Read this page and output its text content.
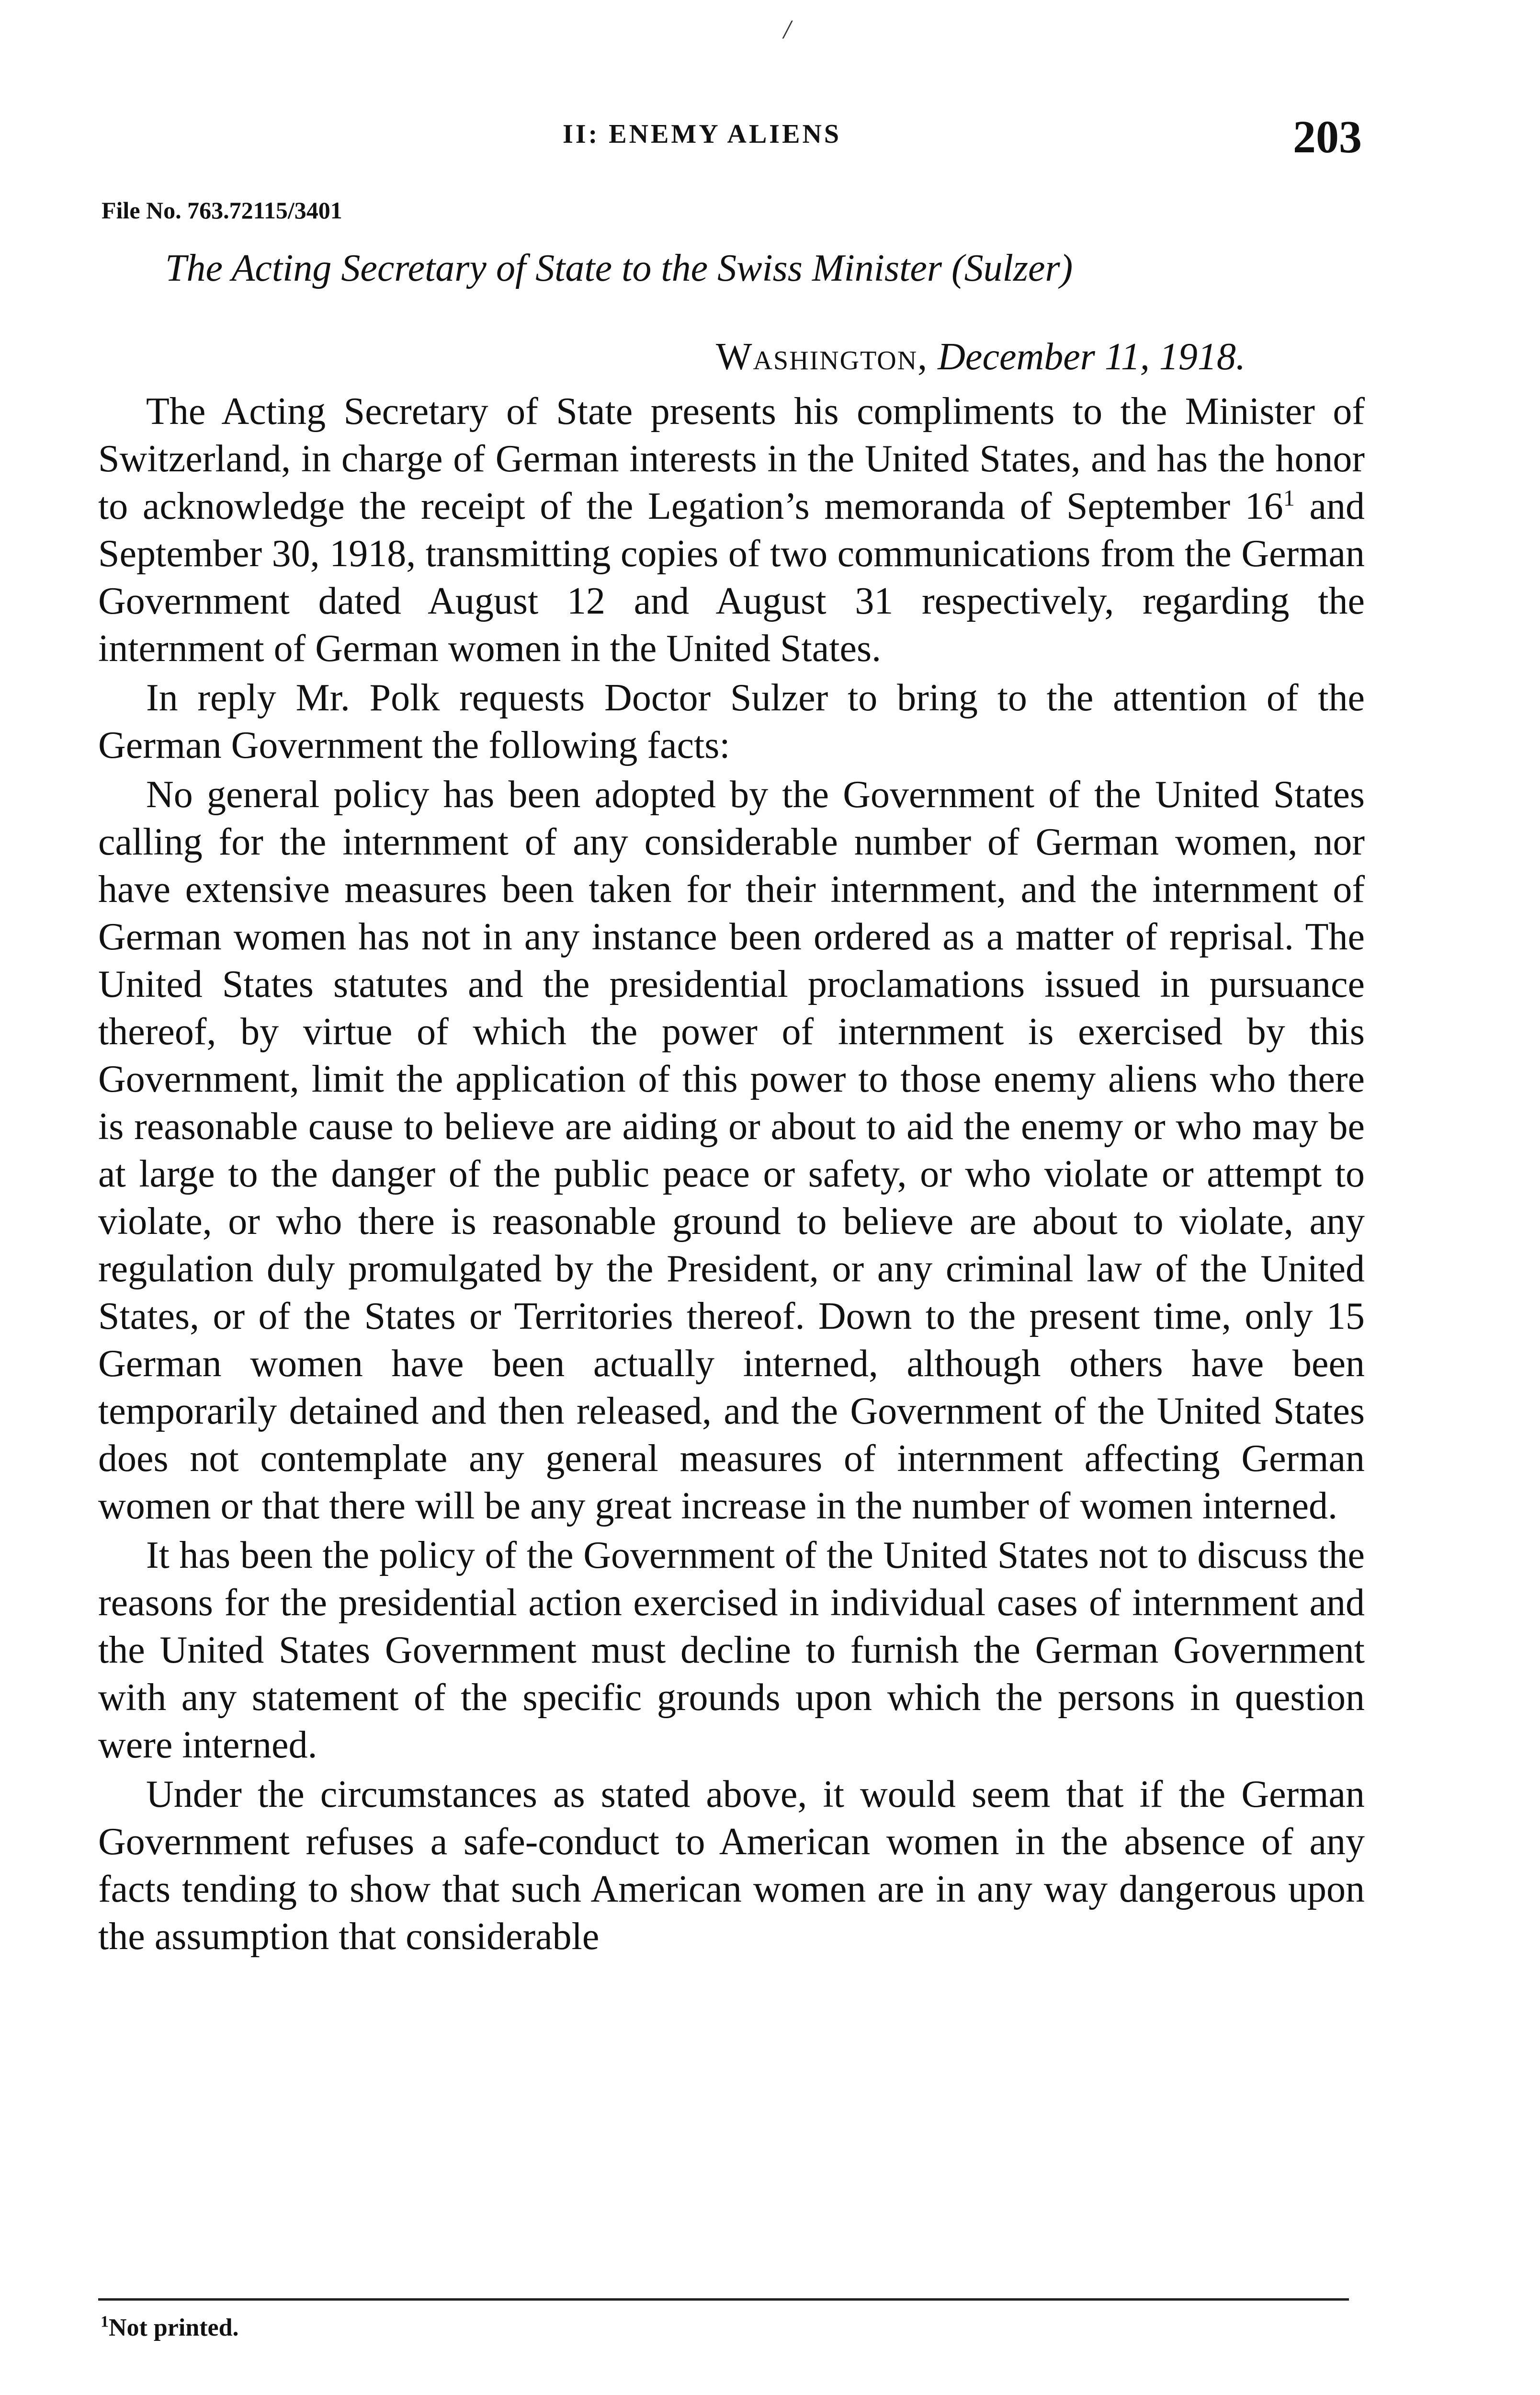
/
II: ENEMY ALIENS	203
File No. 763.72115/3401
The Acting Secretary of State to the Swiss Minister (Sulzer)
Washington, December 11, 1918.

The Acting Secretary of State presents his compliments to the Minister of Switzerland, in charge of German interests in the United States, and has the honor to acknowledge the receipt of the Legation’s memoranda of September $16^1$ and September 30, 1918, transmitting copies of two communications from the German Government dated August 12 and August 31 respectively, regarding the internment of German women in the United States.

In reply Mr. Polk requests Doctor Sulzer to bring to the attention of the German Government the following facts:

No general policy has been adopted by the Government of the United States calling for the internment of any considerable number of German women, nor have extensive measures been taken for their internment, and the internment of German women has not in any instance been ordered as a matter of reprisal. The United States statutes and the presidential proclamations issued in pursuance thereof, by virtue of which the power of internment is exercised by this Government, limit the application of this power to those enemy aliens who there is reasonable cause to believe are aiding or about to aid the enemy or who may be at large to the danger of the public peace or safety, or who violate or attempt to violate, or who there is reasonable ground to believe are about to violate, any regulation duly promulgated by the President, or any criminal law of the United States, or of the States or Territories thereof. Down to the present time, only 15 German women have been actually interned, although others have been temporarily detained and then released, and the Government of the United States does not contemplate any general measures of internment affecting German women or that there will be any great increase in the number of women interned.

It has been the policy of the Government of the United States not to discuss the reasons for the presidential action exercised in individual cases of internment and the United States Government must decline to furnish the German Government with any statement of the specific grounds upon which the persons in question were interned.

Under the circumstances as stated above, it would seem that if the German Government refuses a safe-conduct to American women in the absence of any facts tending to show that such American women are in any way dangerous upon the assumption that considerable

$^1$Not printed.
